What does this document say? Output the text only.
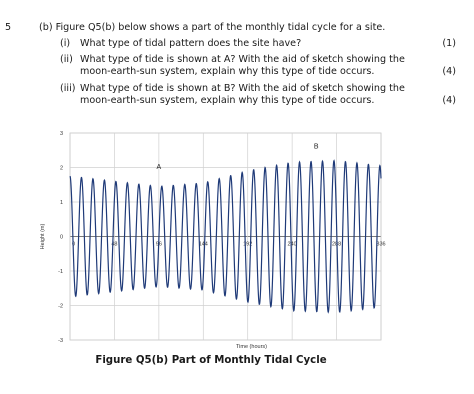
5	(b) Figure Q5(b) below shows a part of the monthly tidal cycle for a site.
(i) What type of tidal pattern does the site have?	(1)
(ii) What type of tide is shown at A? With the aid of sketch showing the
moon-earth-sun system, explain why this type of tide occurs.	(4)
(iii) What type of tide is shown at B? With the aid of sketch showing the
moon-earth-sun system, explain why this type of tide occurs.	(4)
3
2
1
0
-1
-2
-3
0	48	96	144	192	240	288	336
Time (hours)
Height (m)
A
B
Figure Q5(b) Part of Monthly Tidal Cycle
